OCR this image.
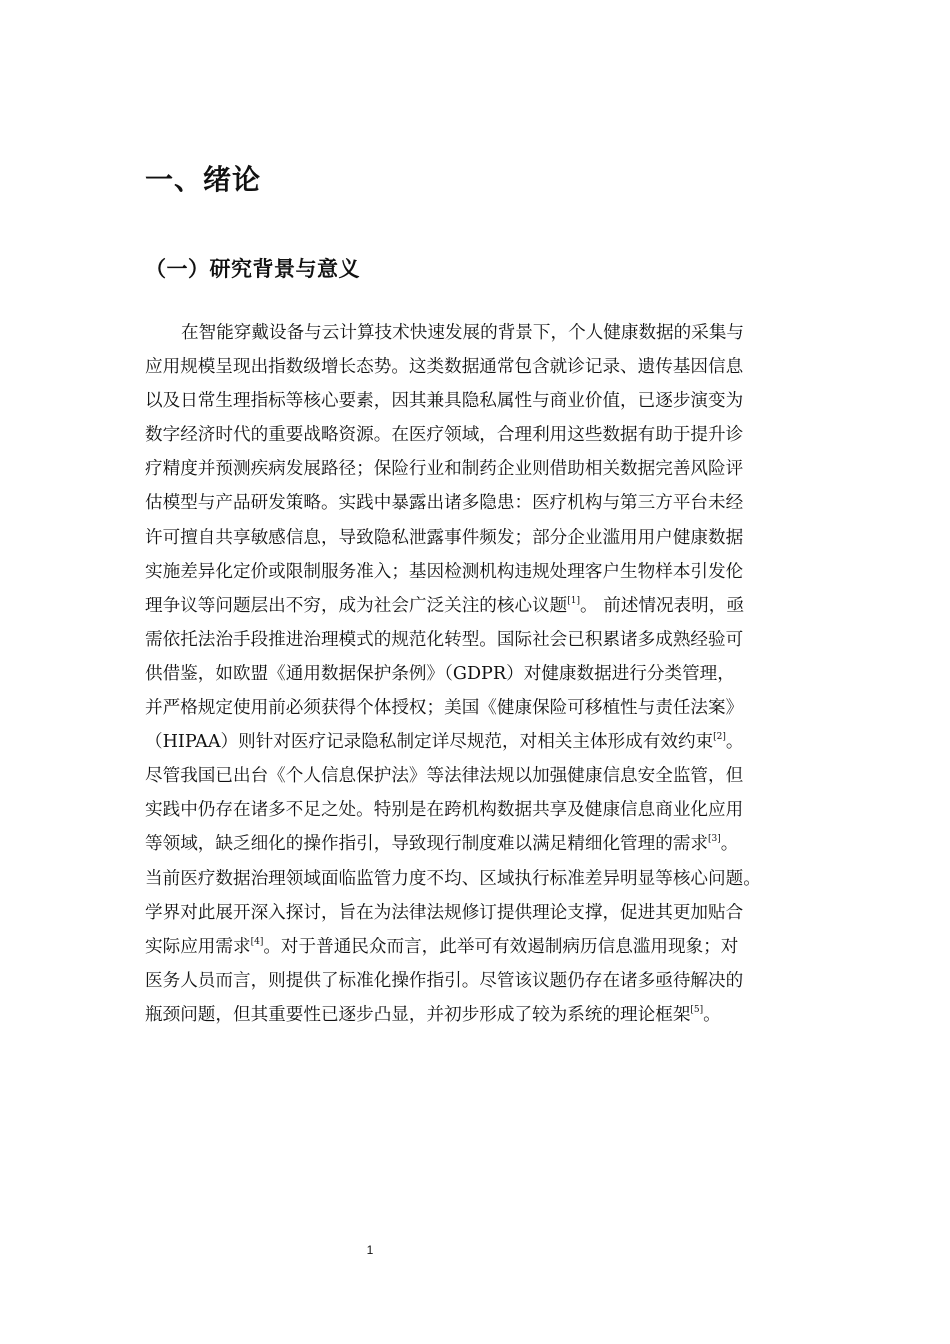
一、绪论
（一）研究背景与意义
在智能穿戴设备与云计算技术快速发展的背景下，个人健康数据的采集与
应用规模呈现出指数级增长态势。这类数据通常包含就诊记录、遗传基因信息
以及日常生理指标等核心要素，因其兼具隐私属性与商业价值，已逐步演变为
数字经济时代的重要战略资源。在医疗领域，合理利用这些数据有助于提升诊
疗精度并预测疾病发展路径；保险行业和制药企业则借助相关数据完善风险评
估模型与产品研发策略。实践中暴露出诸多隐患：医疗机构与第三方平台未经
许可擅自共享敏感信息，导致隐私泄露事件频发；部分企业滥用用户健康数据
实施差异化定价或限制服务准入；基因检测机构违规处理客户生物样本引发伦
理争议等问题层出不穷，成为社会广泛关注的核心议题[1]。 前述情况表明，亟
需依托法治手段推进治理模式的规范化转型。国际社会已积累诸多成熟经验可
供借鉴，如欧盟《通用数据保护条例》（GDPR）对健康数据进行分类管理，
并严格规定使用前必须获得个体授权；美国《健康保险可移植性与责任法案》
（HIPAA）则针对医疗记录隐私制定详尽规范，对相关主体形成有效约束[2]。
尽管我国已出台《个人信息保护法》等法律法规以加强健康信息安全监管，但
实践中仍存在诸多不足之处。特别是在跨机构数据共享及健康信息商业化应用
等领域，缺乏细化的操作指引，导致现行制度难以满足精细化管理的需求[3]。
当前医疗数据治理领域面临监管力度不均、区域执行标准差异明显等核心问题。
学界对此展开深入探讨，旨在为法律法规修订提供理论支撑，促进其更加贴合
实际应用需求[4]。对于普通民众而言，此举可有效遏制病历信息滥用现象；对
医务人员而言，则提供了标准化操作指引。尽管该议题仍存在诸多亟待解决的
瓶颈问题，但其重要性已逐步凸显，并初步形成了较为系统的理论框架[5]。
1
